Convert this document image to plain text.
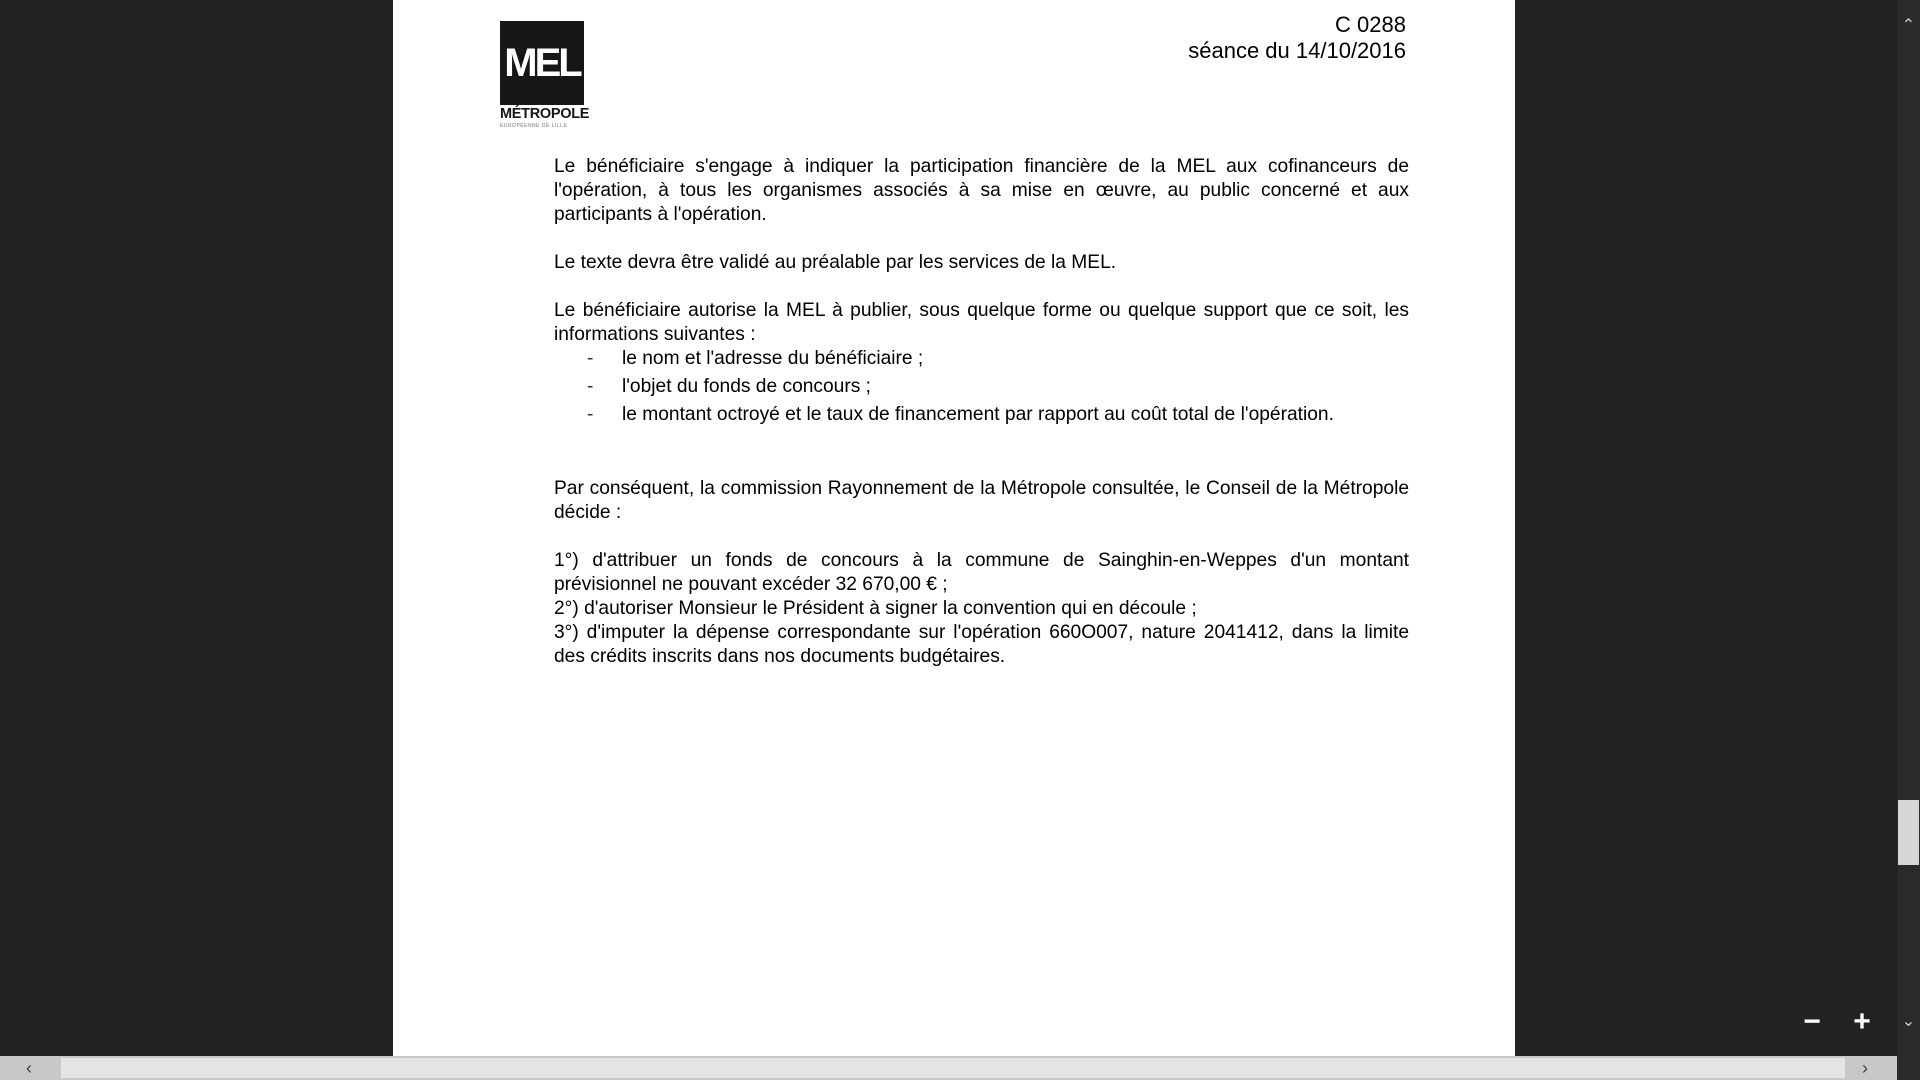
MEL
MÉTROPOLE
EUROPÉENNE DE LILLE
C 0288
séance du 14/10/2016

Le bénéficiaire s'engage à indiquer la participation financière de la MEL aux cofinanceurs de l'opération, à tous les organismes associés à sa mise en œuvre, au public concerné et aux participants à l'opération.

Le texte devra être validé au préalable par les services de la MEL.

Le bénéficiaire autorise la MEL à publier, sous quelque forme ou quelque support que ce soit, les informations suivantes :

- le nom et l'adresse du bénéficiaire ;
- l'objet du fonds de concours ;
- le montant octroyé et le taux de financement par rapport au coût total de l'opération.

Par conséquent, la commission Rayonnement de la Métropole consultée, le Conseil de la Métropole décide :

1°) d'attribuer un fonds de concours à la commune de Sainghin-en-Weppes d'un montant prévisionnel ne pouvant excéder 32 670,00 € ;

2°) d'autoriser Monsieur le Président à signer la convention qui en découle ;

3°) d'imputer la dépense correspondante sur l'opération 660O007, nature 2041412, dans la limite des crédits inscrits dans nos documents budgétaires.

− +
⌃
⌄
‹	›
